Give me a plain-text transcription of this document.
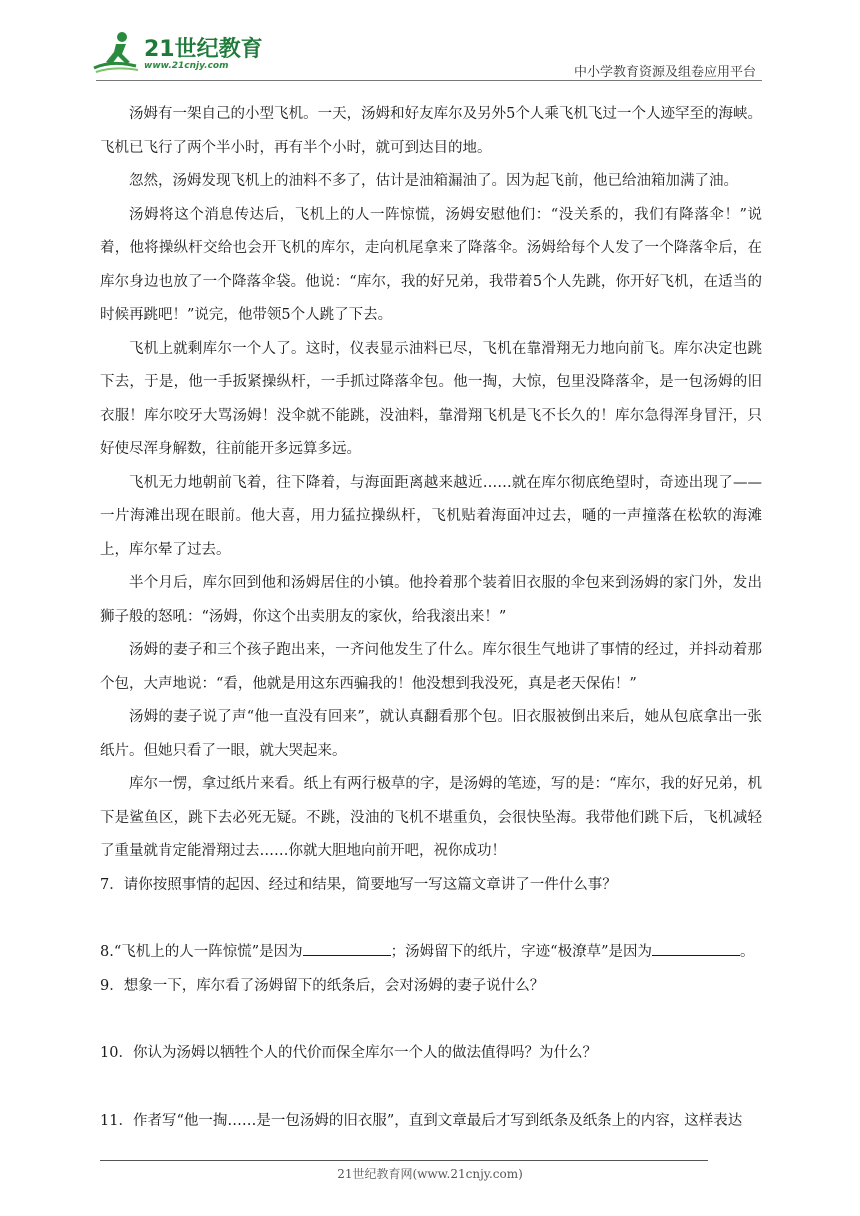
21世纪教育
www.21cnjy.com	中小学教育资源及组卷应用平台

汤姆有一架自己的小型飞机。一天，汤姆和好友库尔及另外5个人乘飞机飞过一个人迹罕至的海峡。飞机已飞行了两个半小时，再有半个小时，就可到达目的地。

忽然，汤姆发现飞机上的油料不多了，估计是油箱漏油了。因为起飞前，他已给油箱加满了油。

汤姆将这个消息传达后，飞机上的人一阵惊慌，汤姆安慰他们：“没关系的，我们有降落伞！”说着，他将操纵杆交给也会开飞机的库尔，走向机尾拿来了降落伞。汤姆给每个人发了一个降落伞后，在库尔身边也放了一个降落伞袋。他说：“库尔，我的好兄弟，我带着5个人先跳，你开好飞机，在适当的时候再跳吧！”说完，他带领5个人跳了下去。

飞机上就剩库尔一个人了。这时，仪表显示油料已尽，飞机在靠滑翔无力地向前飞。库尔决定也跳下去，于是，他一手扳紧操纵杆，一手抓过降落伞包。他一掏，大惊，包里没降落伞，是一包汤姆的旧衣服！库尔咬牙大骂汤姆！没伞就不能跳，没油料，靠滑翔飞机是飞不长久的！库尔急得浑身冒汗，只好使尽浑身解数，往前能开多远算多远。

飞机无力地朝前飞着，往下降着，与海面距离越来越近……就在库尔彻底绝望时，奇迹出现了——一片海滩出现在眼前。他大喜，用力猛拉操纵杆，飞机贴着海面冲过去，嗵的一声撞落在松软的海滩上，库尔晕了过去。

半个月后，库尔回到他和汤姆居住的小镇。他拎着那个装着旧衣服的伞包来到汤姆的家门外，发出狮子般的怒吼：“汤姆，你这个出卖朋友的家伙，给我滚出来！”

汤姆的妻子和三个孩子跑出来，一齐问他发生了什么。库尔很生气地讲了事情的经过，并抖动着那个包，大声地说：“看，他就是用这东西骗我的！他没想到我没死，真是老天保佑！”

汤姆的妻子说了声“他一直没有回来”，就认真翻看那个包。旧衣服被倒出来后，她从包底拿出一张纸片。但她只看了一眼，就大哭起来。

库尔一愣，拿过纸片来看。纸上有两行极草的字，是汤姆的笔迹，写的是：“库尔，我的好兄弟，机下是鲨鱼区，跳下去必死无疑。不跳，没油的飞机不堪重负，会很快坠海。我带他们跳下后，飞机减轻了重量就肯定能滑翔过去……你就大胆地向前开吧，祝你成功！

7．请你按照事情的起因、经过和结果，简要地写一写这篇文章讲了一件什么事？

8.“飞机上的人一阵惊慌”是因为	；汤姆留下的纸片，字迹“极潦草”是因为	。

9．想象一下，库尔看了汤姆留下的纸条后，会对汤姆的妻子说什么？

10．你认为汤姆以牺牲个人的代价而保全库尔一个人的做法值得吗？为什么？

11．作者写“他一掏……是一包汤姆的旧衣服”，直到文章最后才写到纸条及纸条上的内容，这样表达

21世纪教育网(www.21cnjy.com)
